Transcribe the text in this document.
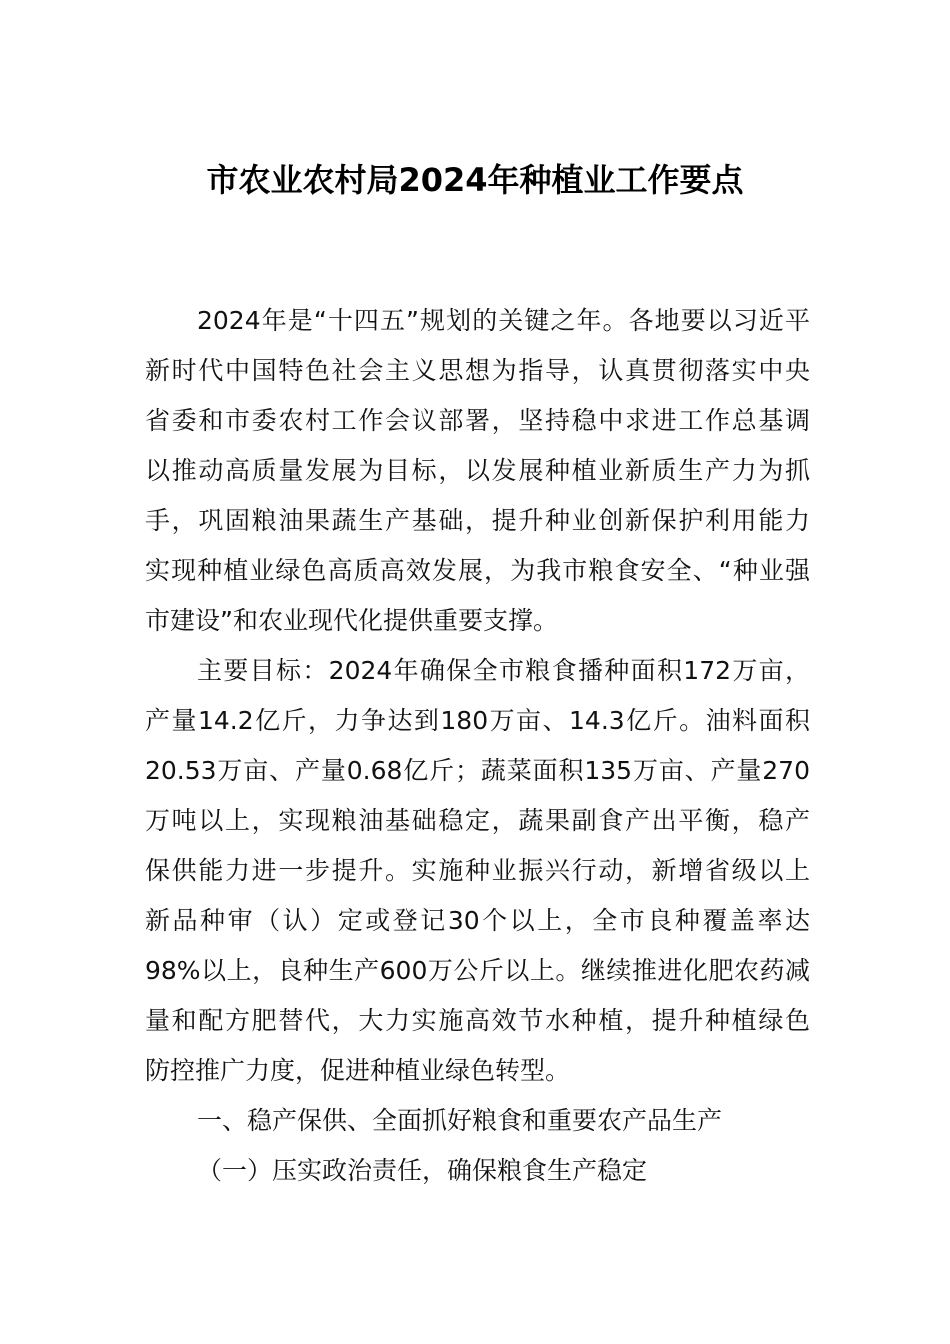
市农业农村局2024年种植业工作要点
2024年是“十四五”规划的关键之年。各地要以习近平
新时代中国特色社会主义思想为指导，认真贯彻落实中央
省委和市委农村工作会议部署，坚持稳中求进工作总基调
以推动高质量发展为目标，以发展种植业新质生产力为抓
手，巩固粮油果蔬生产基础，提升种业创新保护利用能力
实现种植业绿色高质高效发展，为我市粮食安全、“种业强
市建设”和农业现代化提供重要支撑。
主要目标：2024年确保全市粮食播种面积172万亩，
产量14.2亿斤，力争达到180万亩、14.3亿斤。油料面积
20.53万亩、产量0.68亿斤；蔬菜面积135万亩、产量270
万吨以上，实现粮油基础稳定，蔬果副食产出平衡，稳产
保供能力进一步提升。实施种业振兴行动，新增省级以上
新品种审（认）定或登记30个以上，全市良种覆盖率达
98%以上，良种生产600万公斤以上。继续推进化肥农药减
量和配方肥替代，大力实施高效节水种植，提升种植绿色
防控推广力度，促进种植业绿色转型。
一、稳产保供、全面抓好粮食和重要农产品生产
（一）压实政治责任，确保粮食生产稳定
